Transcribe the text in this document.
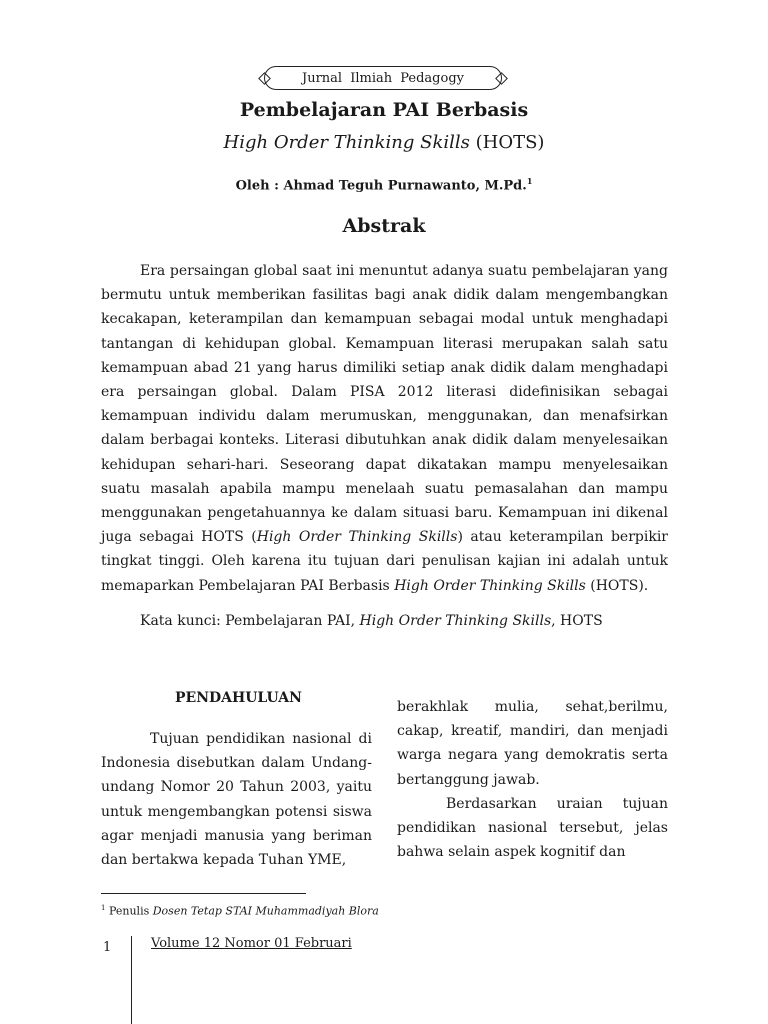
Jurnal Ilmiah Pedagogy
Pembelajaran PAI Berbasis
High Order Thinking Skills (HOTS)
Oleh : Ahmad Teguh Purnawanto, M.Pd.$^1$
Abstrak

Era persaingan global saat ini menuntut adanya suatu pembelajaran yang bermutu untuk memberikan fasilitas bagi anak didik dalam mengembangkan kecakapan, keterampilan dan kemampuan sebagai modal untuk menghadapi tantangan di kehidupan global. Kemampuan literasi merupakan salah satu kemampuan abad 21 yang harus dimiliki setiap anak didik dalam menghadapi era persaingan global. Dalam PISA 2012 literasi didefinisikan sebagai kemampuan individu dalam merumuskan, menggunakan, dan menafsirkan dalam berbagai konteks. Literasi dibutuhkan anak didik dalam menyelesaikan kehidupan sehari-hari. Seseorang dapat dikatakan mampu menyelesaikan suatu masalah apabila mampu menelaah suatu pemasalahan dan mampu menggunakan pengetahuannya ke dalam situasi baru. Kemampuan ini dikenal juga sebagai HOTS (High Order Thinking Skills) atau keterampilan berpikir tingkat tinggi. Oleh karena itu tujuan dari penulisan kajian ini adalah untuk memaparkan Pembelajaran PAI Berbasis High Order Thinking Skills (HOTS).

Kata kunci: Pembelajaran PAI, High Order Thinking Skills, HOTS
PENDAHULUAN

Tujuan pendidikan nasional di Indonesia disebutkan dalam Undang-undang Nomor 20 Tahun 2003, yaitu untuk mengembangkan potensi siswa agar menjadi manusia yang beriman dan bertakwa kepada Tuhan YME,

berakhlak mulia, sehat,berilmu, cakap, kreatif, mandiri, dan menjadi warga negara yang demokratis serta bertanggung jawab.

Berdasarkan uraian tujuan pendidikan nasional tersebut, jelas bahwa selain aspek kognitif dan

$^1$ Penulis Dosen Tetap STAI Muhammadiyah Blora
1	Volume 12 Nomor 01 Februari
